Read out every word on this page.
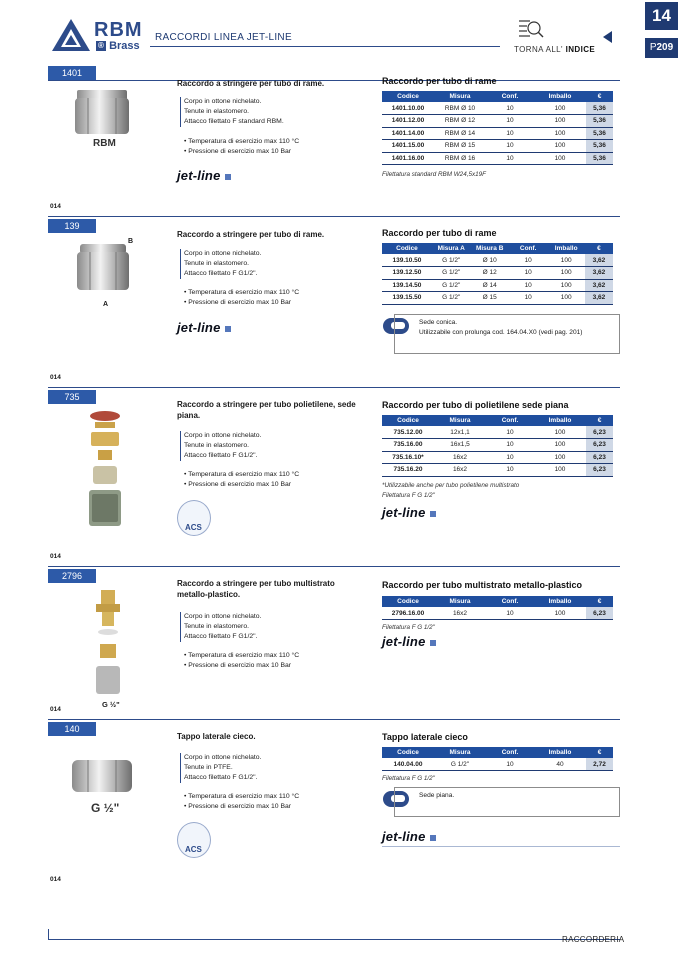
RBM
® Brass
RACCORDI LINEA JET-LINE
TORNA ALL' INDICE
14
P209
1401
RBM
Raccordo a stringere per tubo di rame.
Corpo in ottone nichelato.
Tenute in elastomero.
Attacco filettato F standard RBM.
• Temperatura di esercizio max 110 °C
• Pressione di esercizio max 10 Bar
jet-line
Raccordo per tubo di rame
Codice	Misura	Conf.	Imballo	€
1401.10.00	RBM Ø 10	10	100	5,36
1401.12.00	RBM Ø 12	10	100	5,36
1401.14.00	RBM Ø 14	10	100	5,36
1401.15.00	RBM Ø 15	10	100	5,36
1401.16.00	RBM Ø 16	10	100	5,36
Filettatura standard RBM W24,5x19F
014
139
B
A
Raccordo a stringere per tubo di rame.
Corpo in ottone nichelato.
Tenute in elastomero.
Attacco filettato F G1/2".
• Temperatura di esercizio max 110 °C
• Pressione di esercizio max 10 Bar
jet-line
Raccordo per tubo di rame
Codice	Misura A	Misura B	Conf.	Imballo	€
139.10.50	G 1/2"	Ø 10	10	100	3,62
139.12.50	G 1/2"	Ø 12	10	100	3,62
139.14.50	G 1/2"	Ø 14	10	100	3,62
139.15.50	G 1/2"	Ø 15	10	100	3,62
Sede conica.
Utilizzabile con prolunga cod. 164.04.X0 (vedi pag. 201)
014
735
Raccordo a stringere per tubo polietilene, sede piana.
Corpo in ottone nichelato.
Tenute in elastomero.
Attacco filettato F G1/2".
• Temperatura di esercizio max 110 °C
• Pressione di esercizio max 10 Bar
ACS
Raccordo per tubo di polietilene sede piana
Codice	Misura	Conf.	Imballo	€
735.12.00	12x1,1	10	100	6,23
735.16.00	16x1,5	10	100	6,23
735.16.10*	16x2	10	100	6,23
735.16.20	16x2	10	100	6,23
*Utilizzabile anche per tubo polietilene multistrato
Filettatura F G 1/2"
jet-line
014
2796
G ½"
Raccordo a stringere per tubo multistrato metallo-plastico.
Corpo in ottone nichelato.
Tenute in elastomero.
Attacco filettato F G1/2".
• Temperatura di esercizio max 110 °C
• Pressione di esercizio max 10 Bar
Raccordo per tubo multistrato metallo-plastico
Codice	Misura	Conf.	Imballo	€
2796.16.00	16x2	10	100	6,23
Filettatura F G 1/2"
jet-line
014
140
G ½"
Tappo laterale cieco.
Corpo in ottone nichelato.
Tenute in PTFE.
Attacco filettato F G1/2".
• Temperatura di esercizio max 110 °C
• Pressione di esercizio max 10 Bar
ACS
Tappo laterale cieco
Codice	Misura	Conf.	Imballo	€
140.04.00	G 1/2"	10	40	2,72
Filettatura F G 1/2"
Sede piana.
jet-line
014
RACCORDERIA
